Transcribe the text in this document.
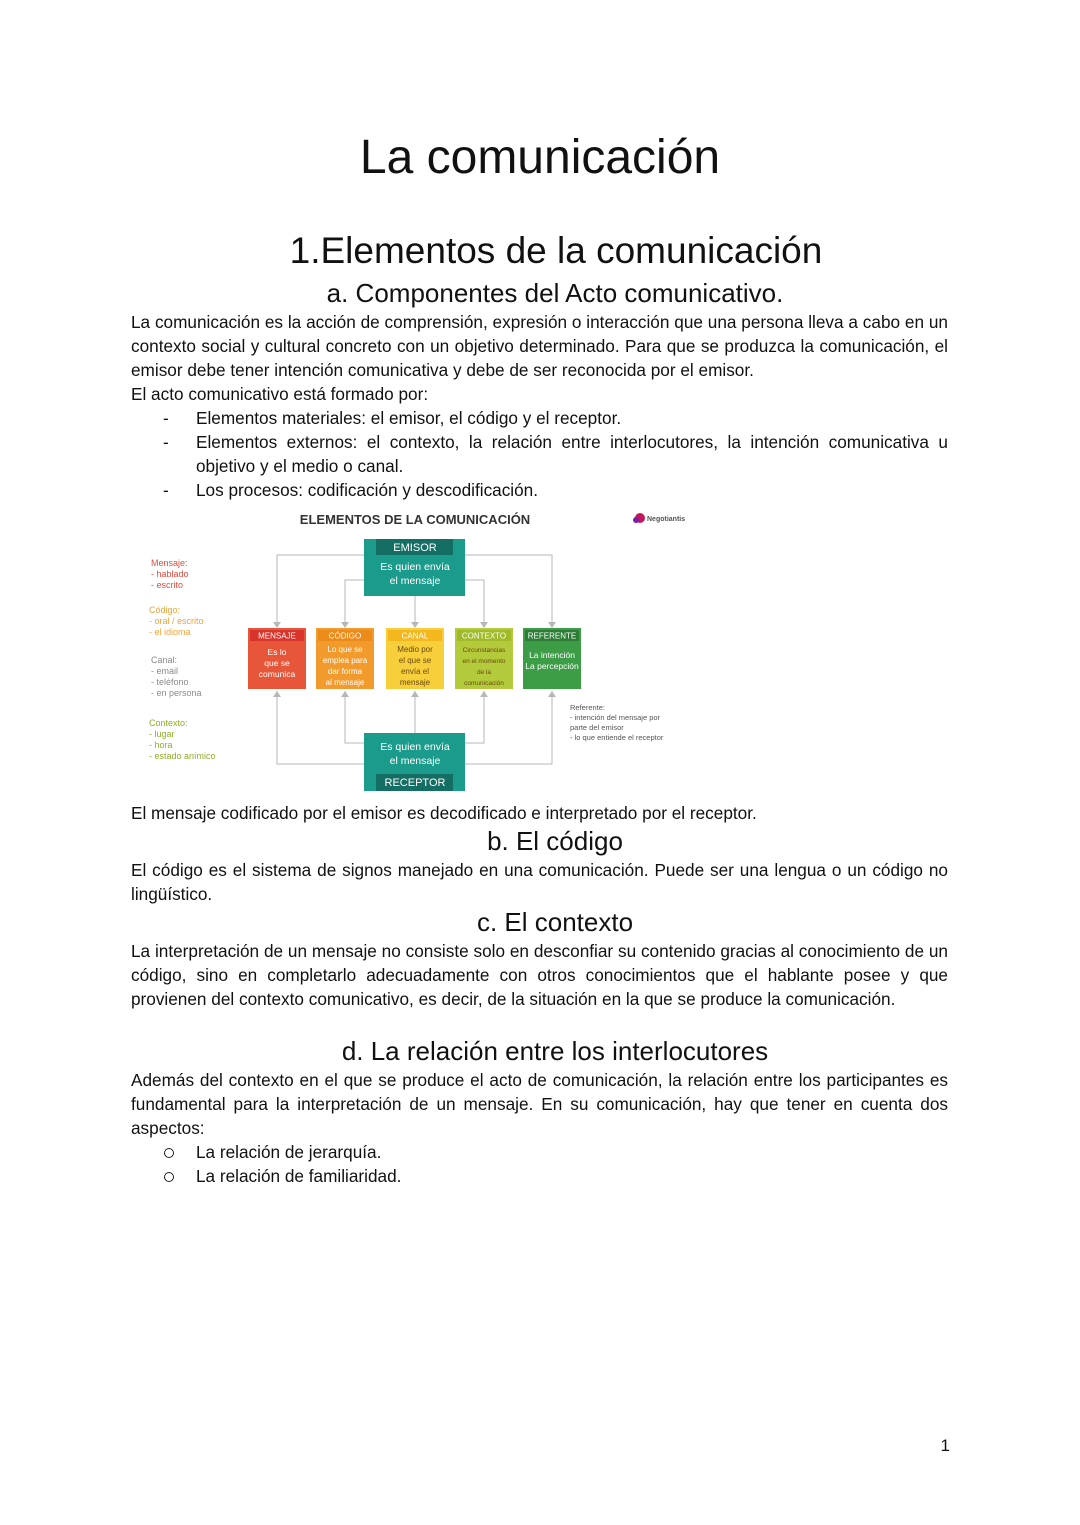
La comunicación
1.Elementos de la comunicación
a. Componentes del Acto comunicativo.

La comunicación es la acción de comprensión, expresión o interacción que una persona lleva a cabo en un contexto social y cultural concreto con un objetivo determinado. Para que se produzca la comunicación, el emisor debe tener intención comunicativa y debe de ser reconocida por el emisor.

El acto comunicativo está formado por:

- Elementos materiales: el emisor, el código y el receptor.
- Elementos externos: el contexto, la relación entre interlocutores, la intención comunicativa u objetivo y el medio o canal.
- Los procesos: codificación y descodificación.
ELEMENTOS DE LA COMUNICACIÓN	Negotiantis
EMISOR
Es quien envía
el mensaje
Es quien envía
el mensaje
RECEPTOR
MENSAJE
Es lo
que se
comunica
CÓDIGO
Lo que se
emplea para
dar forma
al mensaje
CANAL
Medio por
el que se
envía el
mensaje
CONTEXTO
Circunstancias
en el momento
de la
comunicación
REFERENTE
La intención
La percepción
Mensaje:
- hablado
- escrito
Código:
- oral / escrito
- el idioma
Canal:
- email
- teléfono
- en persona
Contexto:
- lugar
- hora
- estado anímico
Referente:
- intención del mensaje por
parte del emisor
- lo que entiende el receptor
El mensaje codificado por el emisor es decodificado e interpretado por el receptor.
b. El código
El código es el sistema de signos manejado en una comunicación. Puede ser una lengua o un código no lingüístico.
c. El contexto
La interpretación de un mensaje no consiste solo en desconfiar su contenido gracias al conocimiento de un código, sino en completarlo adecuadamente con otros conocimientos que el hablante posee y que provienen del contexto comunicativo, es decir, de la situación en la que se produce la comunicación.
d. La relación entre los interlocutores
Además del contexto en el que se produce el acto de comunicación, la relación entre los participantes es fundamental para la interpretación de un mensaje. En su comunicación, hay que tener en cuenta dos aspectos:
La relación de jerarquía.
La relación de familiaridad.
1
